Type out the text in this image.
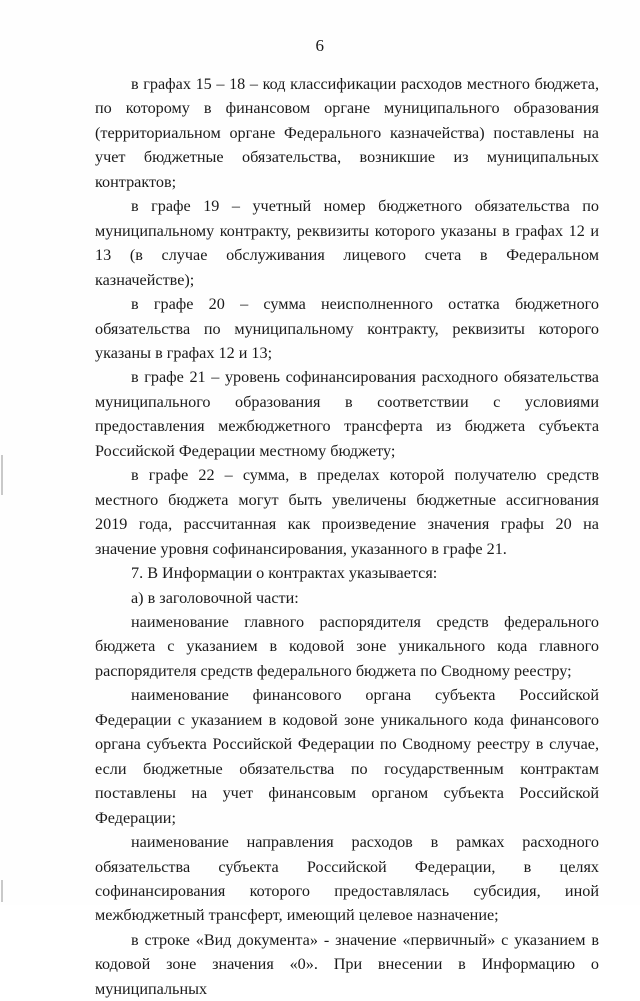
6

в графах 15 – 18 – код классификации расходов местного бюджета, по которому в финансовом органе муниципального образования (территориальном органе Федерального казначейства) поставлены на учет бюджетные обязательства, возникшие из муниципальных контрактов;

в графе 19 – учетный номер бюджетного обязательства по муниципальному контракту, реквизиты которого указаны в графах 12 и 13 (в случае обслуживания лицевого счета в Федеральном казначействе);

в графе 20 – сумма неисполненного остатка бюджетного обязательства по муниципальному контракту, реквизиты которого указаны в графах 12 и 13;

в графе 21 – уровень софинансирования расходного обязательства муниципального образования в соответствии с условиями предоставления межбюджетного трансферта из бюджета субъекта Российской Федерации местному бюджету;

в графе 22 – сумма, в пределах которой получателю средств местного бюджета могут быть увеличены бюджетные ассигнования 2019 года, рассчитанная как произведение значения графы 20 на значение уровня софинансирования, указанного в графе 21.

7. В Информации о контрактах указывается:

а) в заголовочной части:

наименование главного распорядителя средств федерального бюджета с указанием в кодовой зоне уникального кода главного распорядителя средств федерального бюджета по Сводному реестру;

наименование финансового органа субъекта Российской Федерации с указанием в кодовой зоне уникального кода финансового органа субъекта Российской Федерации по Сводному реестру в случае, если бюджетные обязательства по государственным контрактам поставлены на учет финансовым органом субъекта Российской Федерации;

наименование направления расходов в рамках расходного обязательства субъекта Российской Федерации, в целях софинансирования которого предоставлялась субсидия, иной межбюджетный трансферт, имеющий целевое назначение;

в строке «Вид документа» - значение «первичный» с указанием в кодовой зоне значения «0». При внесении в Информацию о муниципальных
